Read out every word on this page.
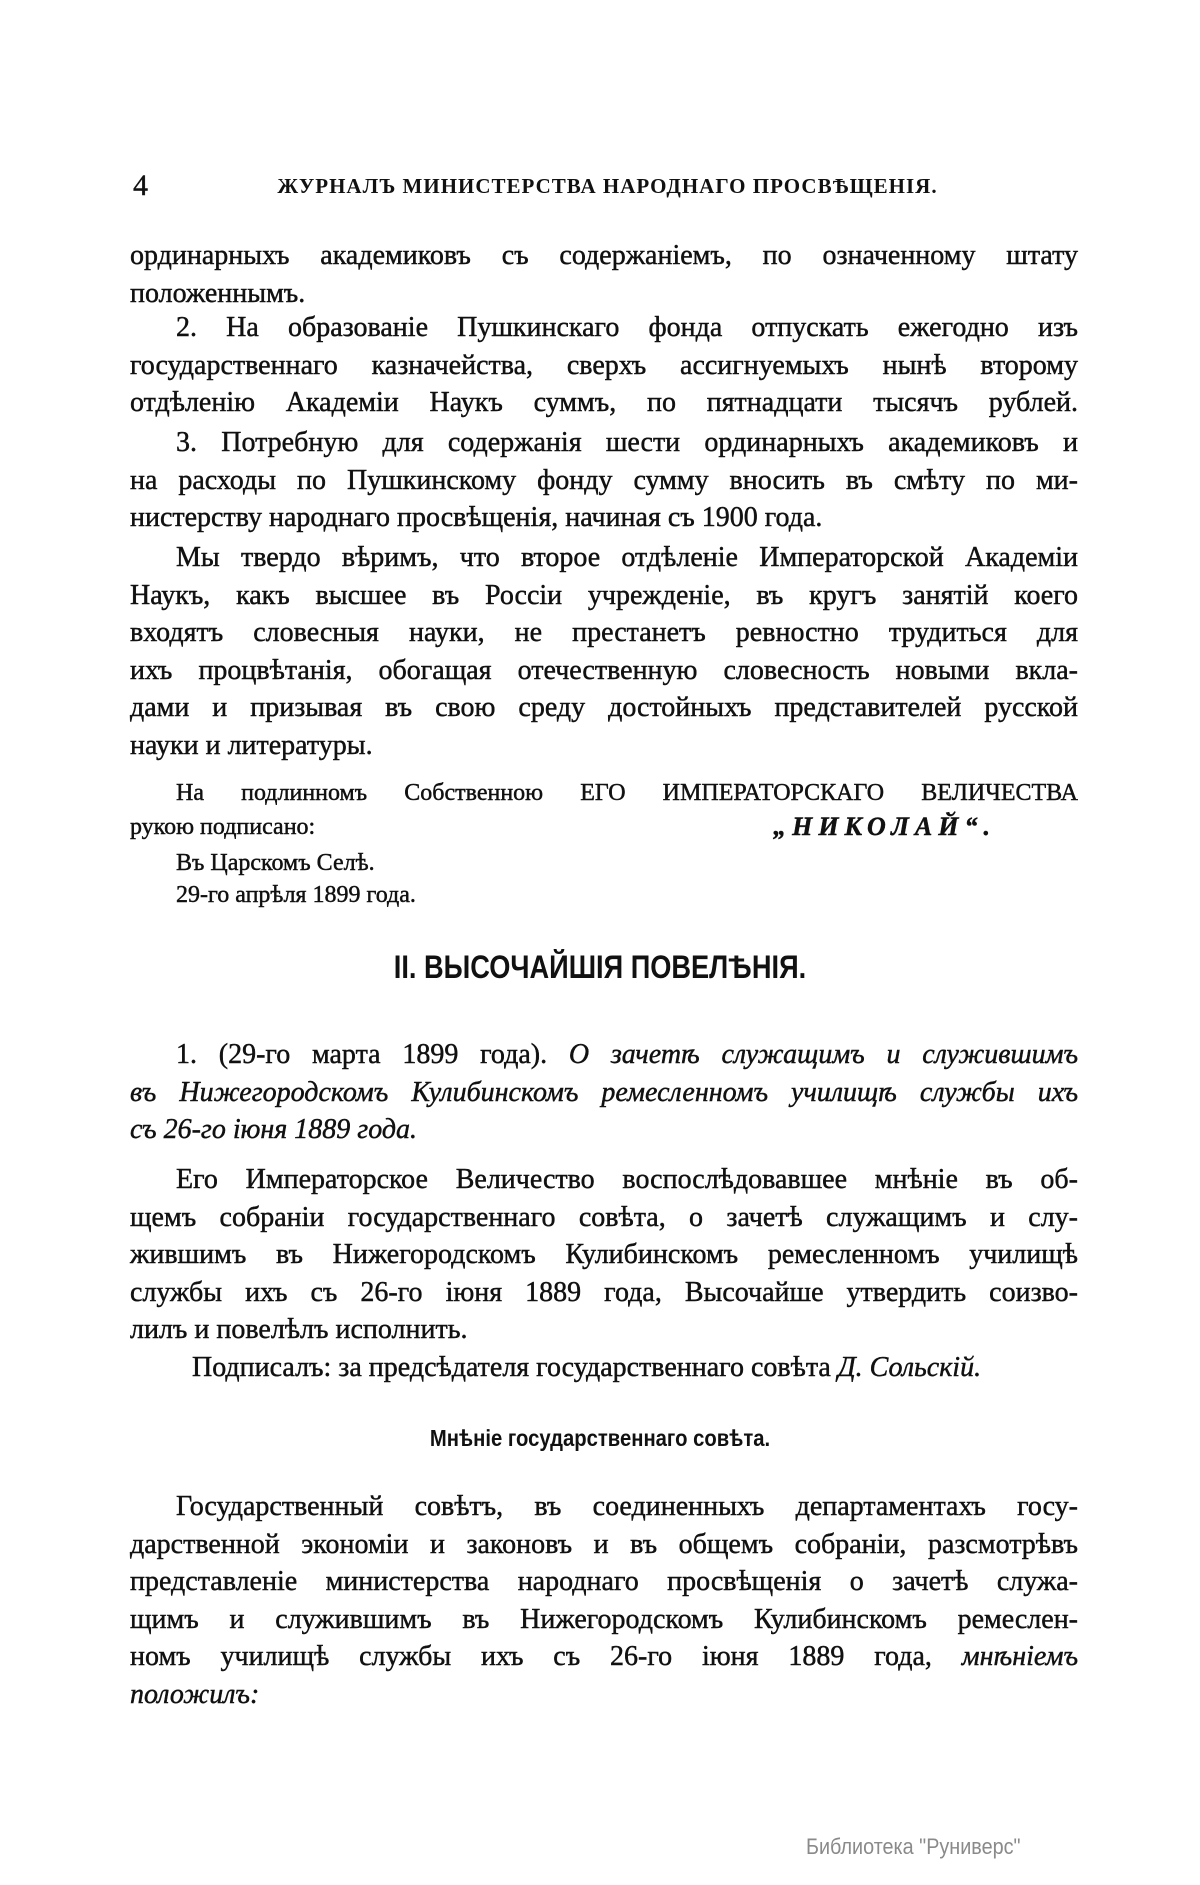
4	ЖУРНАЛЪ МИНИСТЕРСТВА НАРОДНАГО ПРОСВѢЩЕНІЯ.
ординарныхъ академиковъ съ содержаніемъ, по означенному штату
положеннымъ.
2. На образованіе Пушкинскаго фонда отпускать ежегодно изъ
государственнаго казначейства, сверхъ ассигнуемыхъ нынѣ второму
отдѣленію Академіи Наукъ суммъ, по пятнадцати тысячъ рублей.
3. Потребную для содержанія шести ординарныхъ академиковъ и
на расходы по Пушкинскому фонду сумму вносить въ смѣту по ми-
нистерству народнаго просвѣщенія, начиная съ 1900 года.
Мы твердо вѣримъ, что второе отдѣленіе Императорской Академіи
Наукъ, какъ высшее въ Россіи учрежденіе, въ кругъ занятій коего
входятъ словесныя науки, не престанетъ ревностно трудиться для
ихъ процвѣтанія, обогащая отечественную словесность новыми вкла-
дами и призывая въ свою среду достойныхъ представителей русской
науки и литературы.
На подлинномъ Собственною ЕГО ИМПЕРАТОРСКАГО ВЕЛИЧЕСТВА
рукою подписано:	„НИКОЛАЙ“.
Въ Царскомъ Селѣ.
29-го апрѣля 1899 года.
II. ВЫСОЧАЙШІЯ ПОВЕЛѢНІЯ.
1. (29-го марта 1899 года). О зачетѣ служащимъ и служившимъ
въ Нижегородскомъ Кулибинскомъ ремесленномъ училищѣ службы ихъ
съ 26-го іюня 1889 года.
Его Императорское Величество воспослѣдовавшее мнѣніе въ об-
щемъ собраніи государственнаго совѣта, о зачетѣ служащимъ и слу-
жившимъ въ Нижегородскомъ Кулибинскомъ ремесленномъ училищѣ
службы ихъ съ 26-го іюня 1889 года, Высочайше утвердить соизво-
лилъ и повелѣлъ исполнить.
Подписалъ: за предсѣдателя государственнаго совѣта Д. Сольскій.
Мнѣніе государственнаго совѣта.
Государственный совѣтъ, въ соединенныхъ департаментахъ госу-
дарственной экономіи и законовъ и въ общемъ собраніи, разсмотрѣвъ
представленіе министерства народнаго просвѣщенія о зачетѣ служа-
щимъ и служившимъ въ Нижегородскомъ Кулибинскомъ ремеслен-
номъ училищѣ службы ихъ съ 26-го іюня 1889 года, мнѣніемъ
положилъ:
Библиотека "Руниверс"
